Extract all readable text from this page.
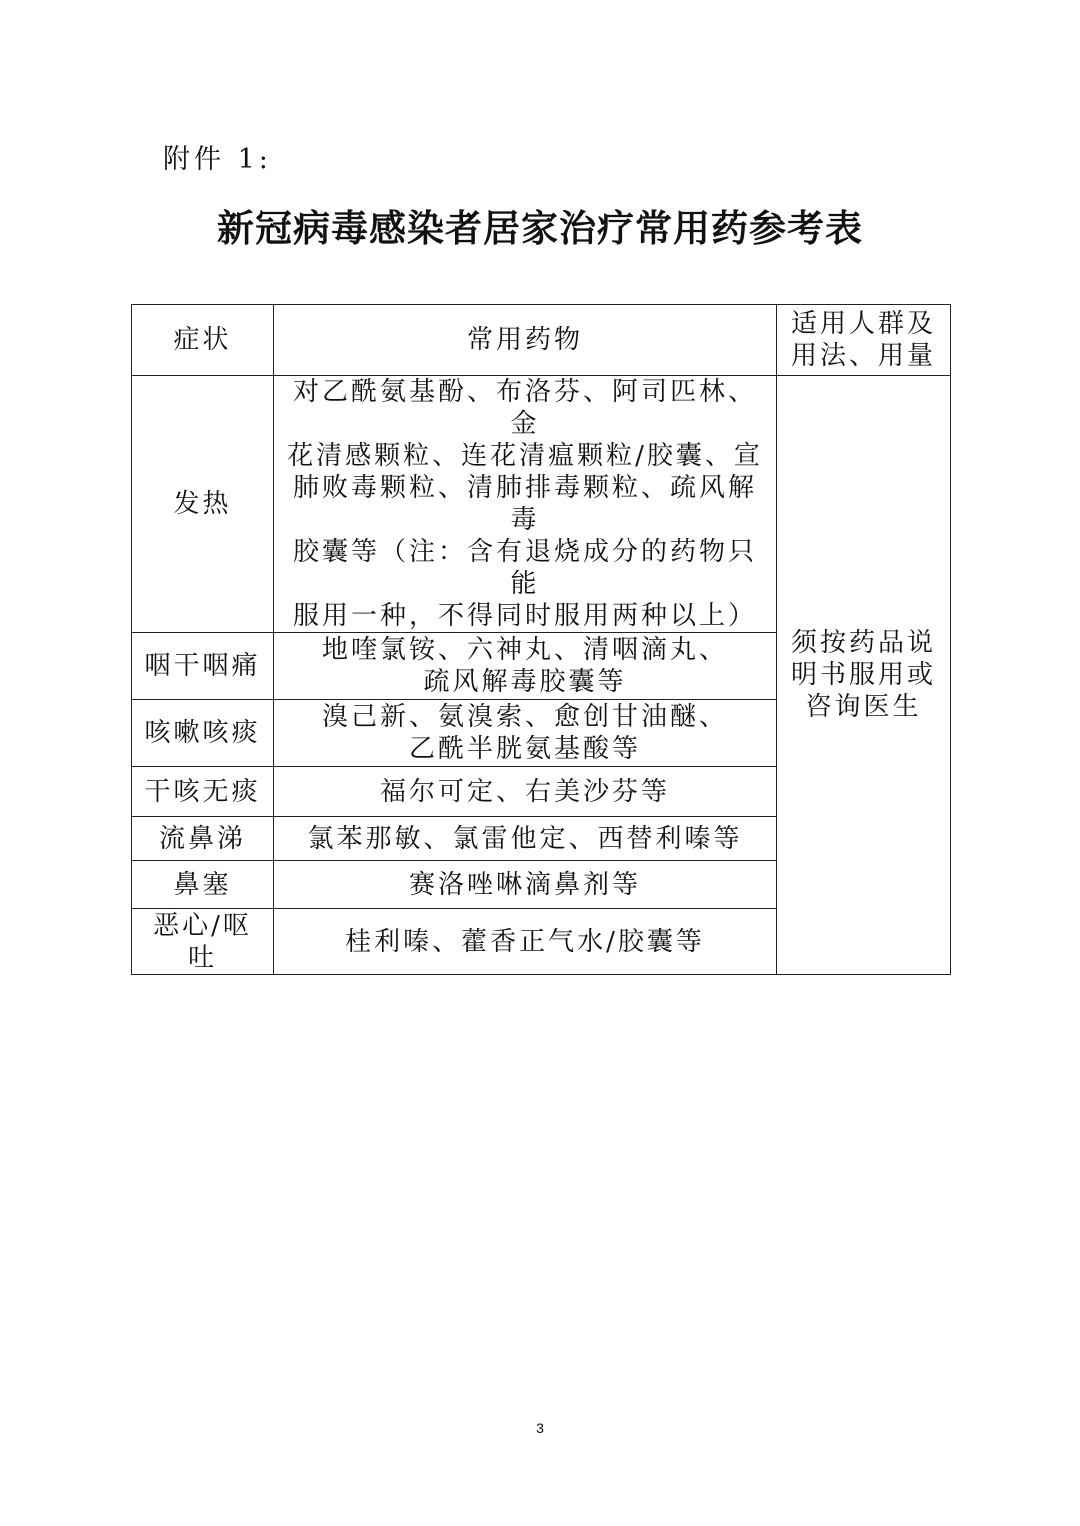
附件 1:
新冠病毒感染者居家治疗常用药参考表
症状	常用药物	适用人群及
用法、用量

发热	对乙酰氨基酚、布洛芬、阿司匹林、金
花清感颗粒、连花清瘟颗粒/胶囊、宣
肺败毒颗粒、清肺排毒颗粒、疏风解毒
胶囊等（注：含有退烧成分的药物只能
服用一种，不得同时服用两种以上）	须按药品说
明书服用或
咨询医生

咽干咽痛	地喹氯铵、六神丸、清咽滴丸、
疏风解毒胶囊等	

咳嗽咳痰	溴己新、氨溴索、愈创甘油醚、
乙酰半胱氨基酸等	

干咳无痰	福尔可定、右美沙芬等	

流鼻涕	氯苯那敏、氯雷他定、西替利嗪等	

鼻塞	赛洛唑啉滴鼻剂等	

恶心/呕
吐	桂利嗪、藿香正气水/胶囊等	
3
